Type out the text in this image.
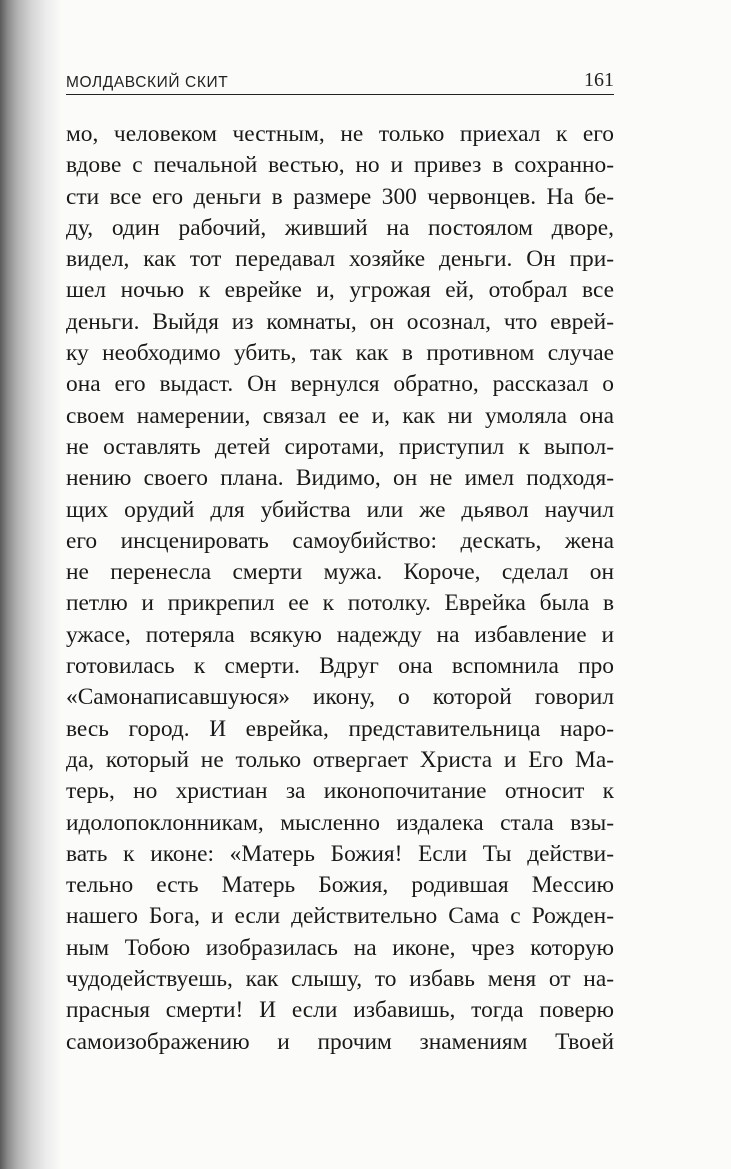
МОЛДАВСКИЙ СКИТ	161
мо, человеком честным, не только приехал к его
вдове с печальной вестью, но и привез в сохранно-
сти все его деньги в размере 300 червонцев. На бе-
ду, один рабочий, живший на постоялом дворе,
видел, как тот передавал хозяйке деньги. Он при-
шел ночью к еврейке и, угрожая ей, отобрал все
деньги. Выйдя из комнаты, он осознал, что еврей-
ку необходимо убить, так как в противном случае
она его выдаст. Он вернулся обратно, рассказал о
своем намерении, связал ее и, как ни умоляла она
не оставлять детей сиротами, приступил к выпол-
нению своего плана. Видимо, он не имел подходя-
щих орудий для убийства или же дьявол научил
его инсценировать самоубийство: дескать, жена
не перенесла смерти мужа. Короче, сделал он
петлю и прикрепил ее к потолку. Еврейка была в
ужасе, потеряла всякую надежду на избавление и
готовилась к смерти. Вдруг она вспомнила про
«Самонаписавшуюся» икону, о которой говорил
весь город. И еврейка, представительница наро-
да, который не только отвергает Христа и Его Ма-
терь, но христиан за иконопочитание относит к
идолопоклонникам, мысленно издалека стала взы-
вать к иконе: «Матерь Божия! Если Ты действи-
тельно есть Матерь Божия, родившая Мессию
нашего Бога, и если действительно Сама с Рожден-
ным Тобою изобразилась на иконе, чрез которую
чудодействуешь, как слышу, то избавь меня от на-
прасныя смерти! И если избавишь, тогда поверю
самоизображению и прочим знамениям Твоей
